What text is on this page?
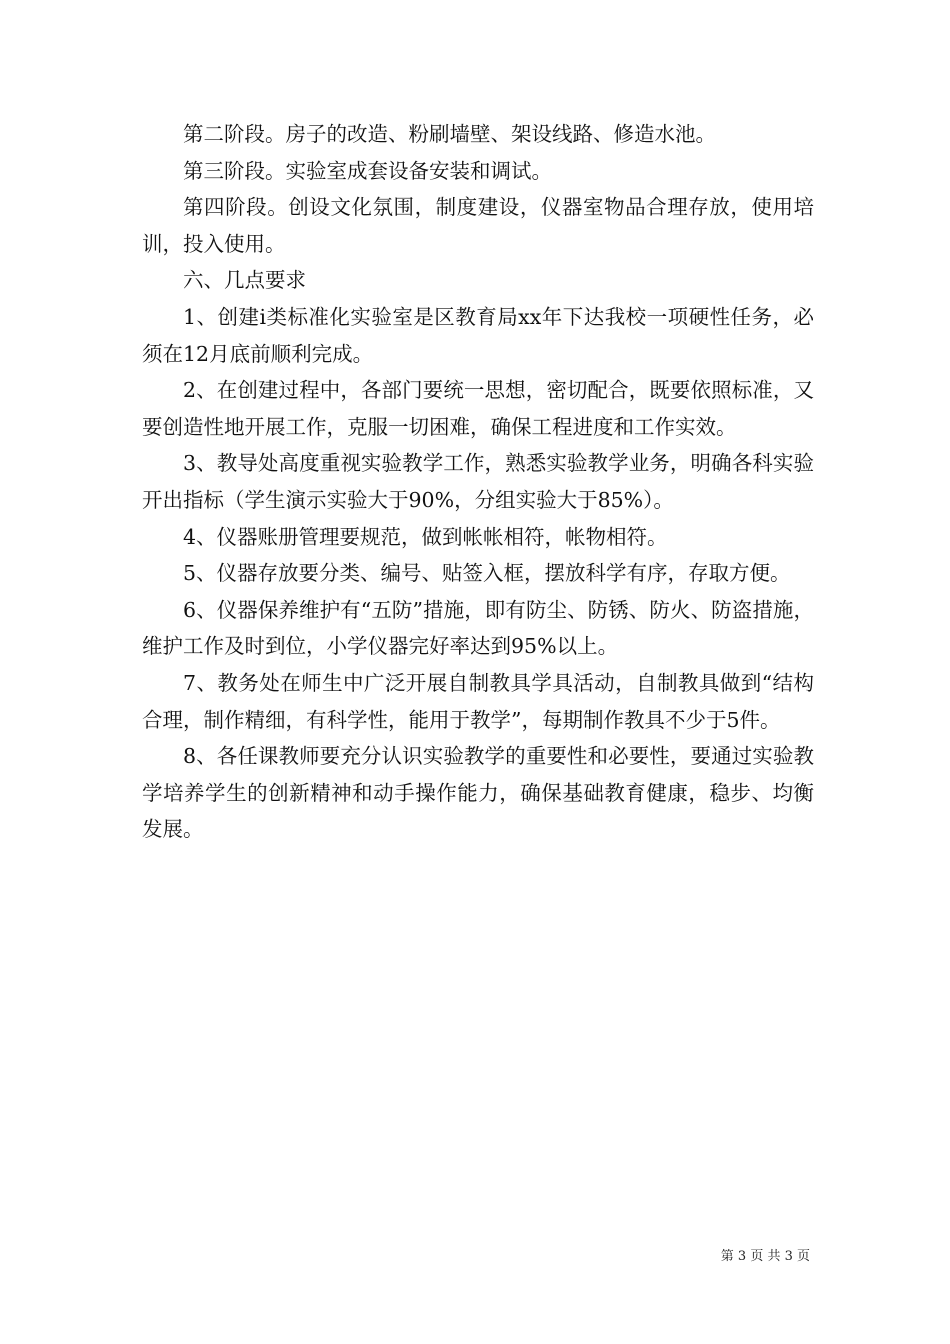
第二阶段。房子的改造、粉刷墙壁、架设线路、修造水池。

第三阶段。实验室成套设备安装和调试。

第四阶段。创设文化氛围，制度建设，仪器室物品合理存放，使用培训，投入使用。

六、几点要求

1、创建i类标准化实验室是区教育局xx年下达我校一项硬性任务，必须在12月底前顺利完成。

2、在创建过程中，各部门要统一思想，密切配合，既要依照标准，又要创造性地开展工作，克服一切困难，确保工程进度和工作实效。

3、教导处高度重视实验教学工作，熟悉实验教学业务，明确各科实验开出指标（学生演示实验大于90%，分组实验大于85%）。

4、仪器账册管理要规范，做到帐帐相符，帐物相符。

5、仪器存放要分类、编号、贴签入框，摆放科学有序，存取方便。

6、仪器保养维护有“五防”措施，即有防尘、防锈、防火、防盗措施，维护工作及时到位，小学仪器完好率达到95%以上。

7、教务处在师生中广泛开展自制教具学具活动，自制教具做到“结构合理，制作精细，有科学性，能用于教学”，每期制作教具不少于5件。

8、各任课教师要充分认识实验教学的重要性和必要性，要通过实验教学培养学生的创新精神和动手操作能力，确保基础教育健康，稳步、均衡发展。

第 3 页 共 3 页
